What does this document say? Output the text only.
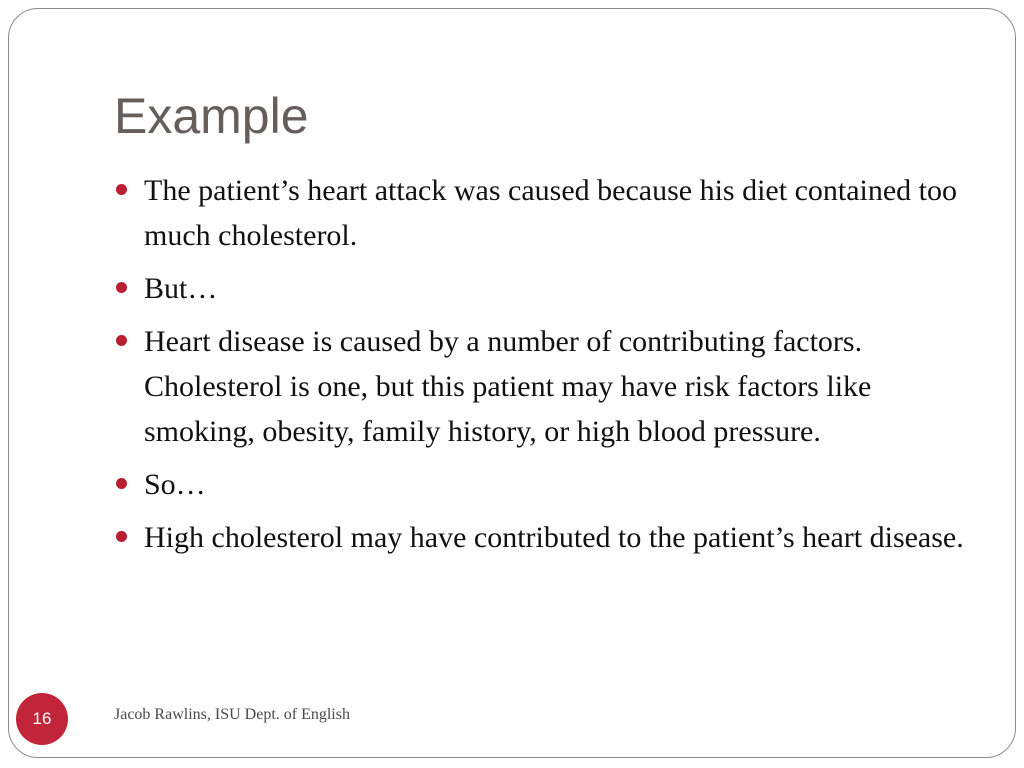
Example
The patient’s heart attack was caused because his diet contained too much cholesterol.
But…
Heart disease is caused by a number of contributing factors. Cholesterol is one, but this patient may have risk factors like smoking, obesity, family history, or high blood pressure.
So…
High cholesterol may have contributed to the patient’s heart disease.
16	Jacob Rawlins, ISU Dept. of English
